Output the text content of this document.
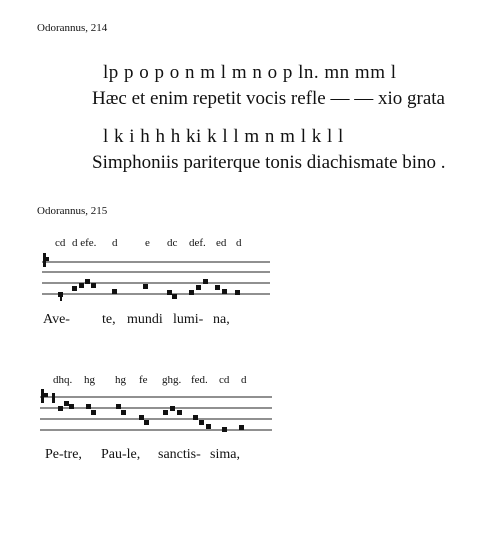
Odorannus, 214
lp p o p o n m l m n o p ln. mn mm l
Hæc et enim repetit vocis refle — — xio grata
l k i h h h ki k l l m n m l k l l
Simphoniis pariterque tonis diachismate bino .
Odorannus, 215
cd d efe. d	e dc def. ed d
Ave- te, mundi lumi- na,
dhq. hg hg fe ghg. fed. cd d
Pe-tre, Pau-le, sanctis- sima,
